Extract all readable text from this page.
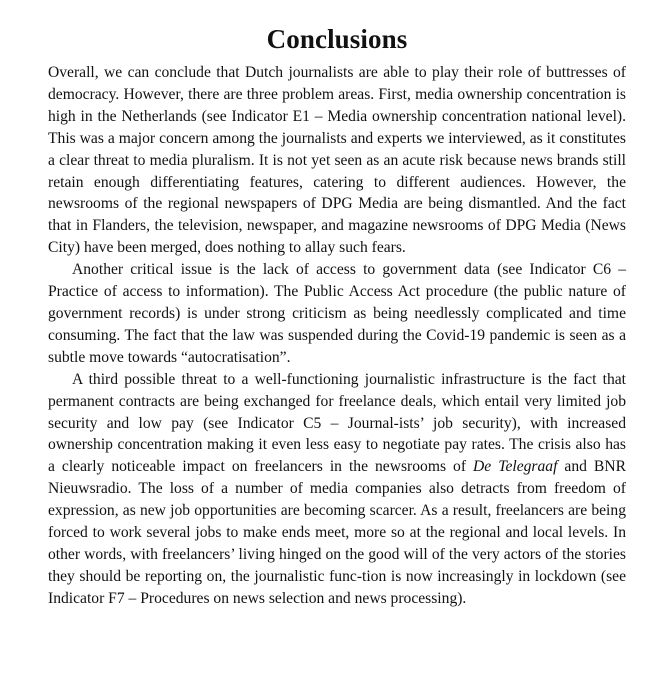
Conclusions

Overall, we can conclude that Dutch journalists are able to play their role of buttresses of democracy. However, there are three problem areas. First, media ownership concentration is high in the Netherlands (see Indicator E1 – Media ownership concentration national level). This was a major concern among the journalists and experts we interviewed, as it constitutes a clear threat to media pluralism. It is not yet seen as an acute risk because news brands still retain enough differentiating features, catering to different audiences. However, the newsrooms of the regional newspapers of DPG Media are being dismantled. And the fact that in Flanders, the television, newspaper, and magazine newsrooms of DPG Media (News City) have been merged, does nothing to allay such fears.

Another critical issue is the lack of access to government data (see Indicator C6 – Practice of access to information). The Public Access Act procedure (the public nature of government records) is under strong criticism as being needlessly complicated and time consuming. The fact that the law was suspended during the Covid-19 pandemic is seen as a subtle move towards “autocratisation”.

A third possible threat to a well-functioning journalistic infrastructure is the fact that permanent contracts are being exchanged for freelance deals, which entail very limited job security and low pay (see Indicator C5 – Journal-ists’ job security), with increased ownership concentration making it even less easy to negotiate pay rates. The crisis also has a clearly noticeable impact on freelancers in the newsrooms of De Telegraaf and BNR Nieuwsradio. The loss of a number of media companies also detracts from freedom of expression, as new job opportunities are becoming scarcer. As a result, freelancers are being forced to work several jobs to make ends meet, more so at the regional and local levels. In other words, with freelancers’ living hinged on the good will of the very actors of the stories they should be reporting on, the journalistic func-tion is now increasingly in lockdown (see Indicator F7 – Procedures on news selection and news processing).
